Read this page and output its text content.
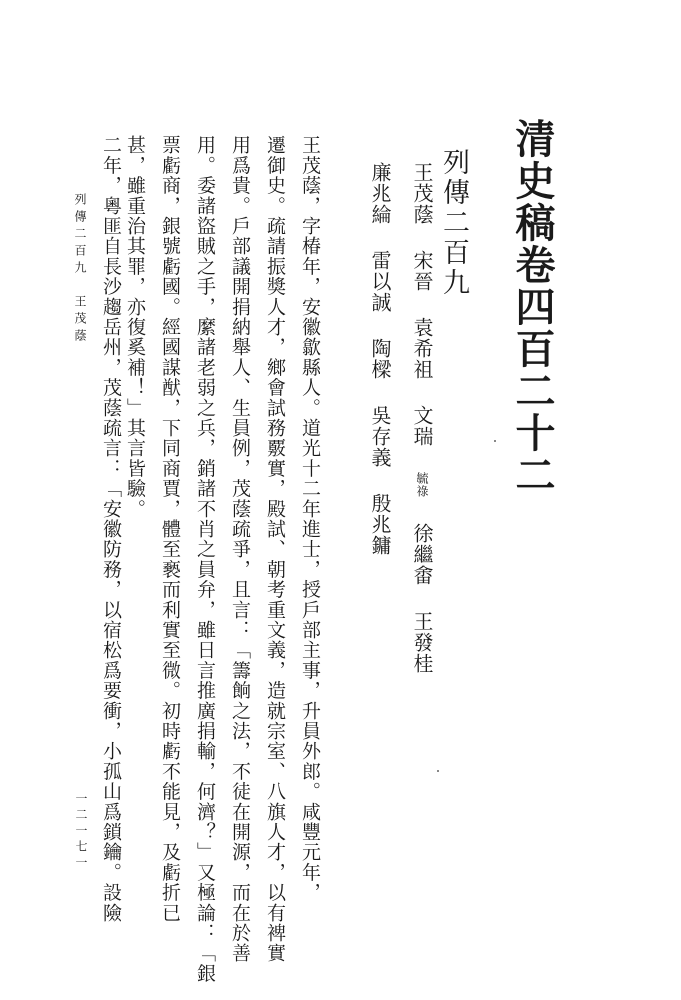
清史稿卷四百二十二
列傳二百九
王茂蔭 宋晉 袁希祖 文瑞 毓祿 徐繼畬 王發桂
廉兆綸 雷以誠 陶樑 吳存義 殷兆鏞
王茂蔭，字椿年，安徽歙縣人。道光十二年進士，授戶部主事，升員外郎。咸豐元年，
遷御史。疏請振獎人才，鄉會試務覈實，殿試、朝考重文義，造就宗室、八旗人才，以有裨實
用爲貴。戶部議開捐納舉人、生員例，茂蔭疏爭，且言：「籌餉之法，不徒在開源，而在於善
用。委諸盜賊之手，縻諸老弱之兵，銷諸不肖之員弁，雖日言推廣捐輸，何濟？」又極論：「銀
票虧商，銀號虧國。經國謀猷，下同商賈，體至褻而利實至微。初時虧不能見，及虧折已
甚，雖重治其罪，亦復奚補！」其言皆驗。
二年，粵匪自長沙趨岳州，茂蔭疏言：「安徽防務，以宿松爲要衝，小孤山爲鎖鑰。設險
列傳二百九　王茂蔭
一二一七一
